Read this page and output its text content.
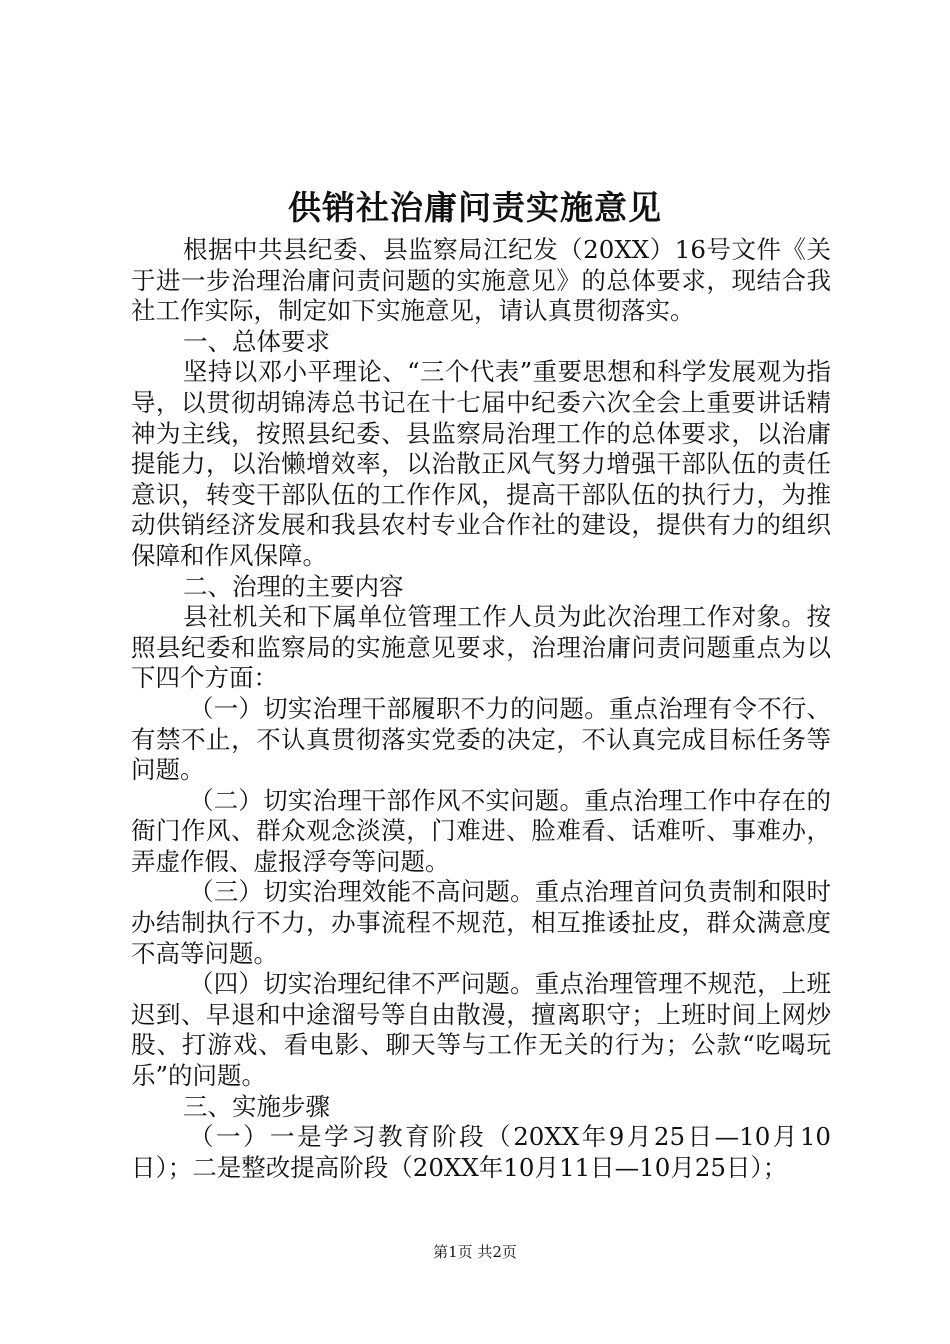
供销社治庸问责实施意见

根据中共县纪委、县监察局江纪发（20XX）16号文件《关于进一步治理治庸问责问题的实施意见》的总体要求，现结合我社工作实际，制定如下实施意见，请认真贯彻落实。

一、总体要求

坚持以邓小平理论、“三个代表”重要思想和科学发展观为指导，以贯彻胡锦涛总书记在十七届中纪委六次全会上重要讲话精神为主线，按照县纪委、县监察局治理工作的总体要求，以治庸提能力，以治懒增效率，以治散正风气努力增强干部队伍的责任意识，转变干部队伍的工作作风，提高干部队伍的执行力，为推动供销经济发展和我县农村专业合作社的建设，提供有力的组织保障和作风保障。

二、治理的主要内容

县社机关和下属单位管理工作人员为此次治理工作对象。按照县纪委和监察局的实施意见要求，治理治庸问责问题重点为以下四个方面：

（一）切实治理干部履职不力的问题。重点治理有令不行、有禁不止，不认真贯彻落实党委的决定，不认真完成目标任务等问题。

（二）切实治理干部作风不实问题。重点治理工作中存在的衙门作风、群众观念淡漠，门难进、脸难看、话难听、事难办，弄虚作假、虚报浮夸等问题。

（三）切实治理效能不高问题。重点治理首问负责制和限时办结制执行不力，办事流程不规范，相互推诿扯皮，群众满意度不高等问题。

（四）切实治理纪律不严问题。重点治理管理不规范，上班迟到、早退和中途溜号等自由散漫，擅离职守；上班时间上网炒股、打游戏、看电影、聊天等与工作无关的行为；公款“吃喝玩乐”的问题。

三、实施步骤

（一）一是学习教育阶段（20XX年9月25日—10月10日）；二是整改提高阶段（20XX年10月11日—10月25日）；

第1页 共2页
